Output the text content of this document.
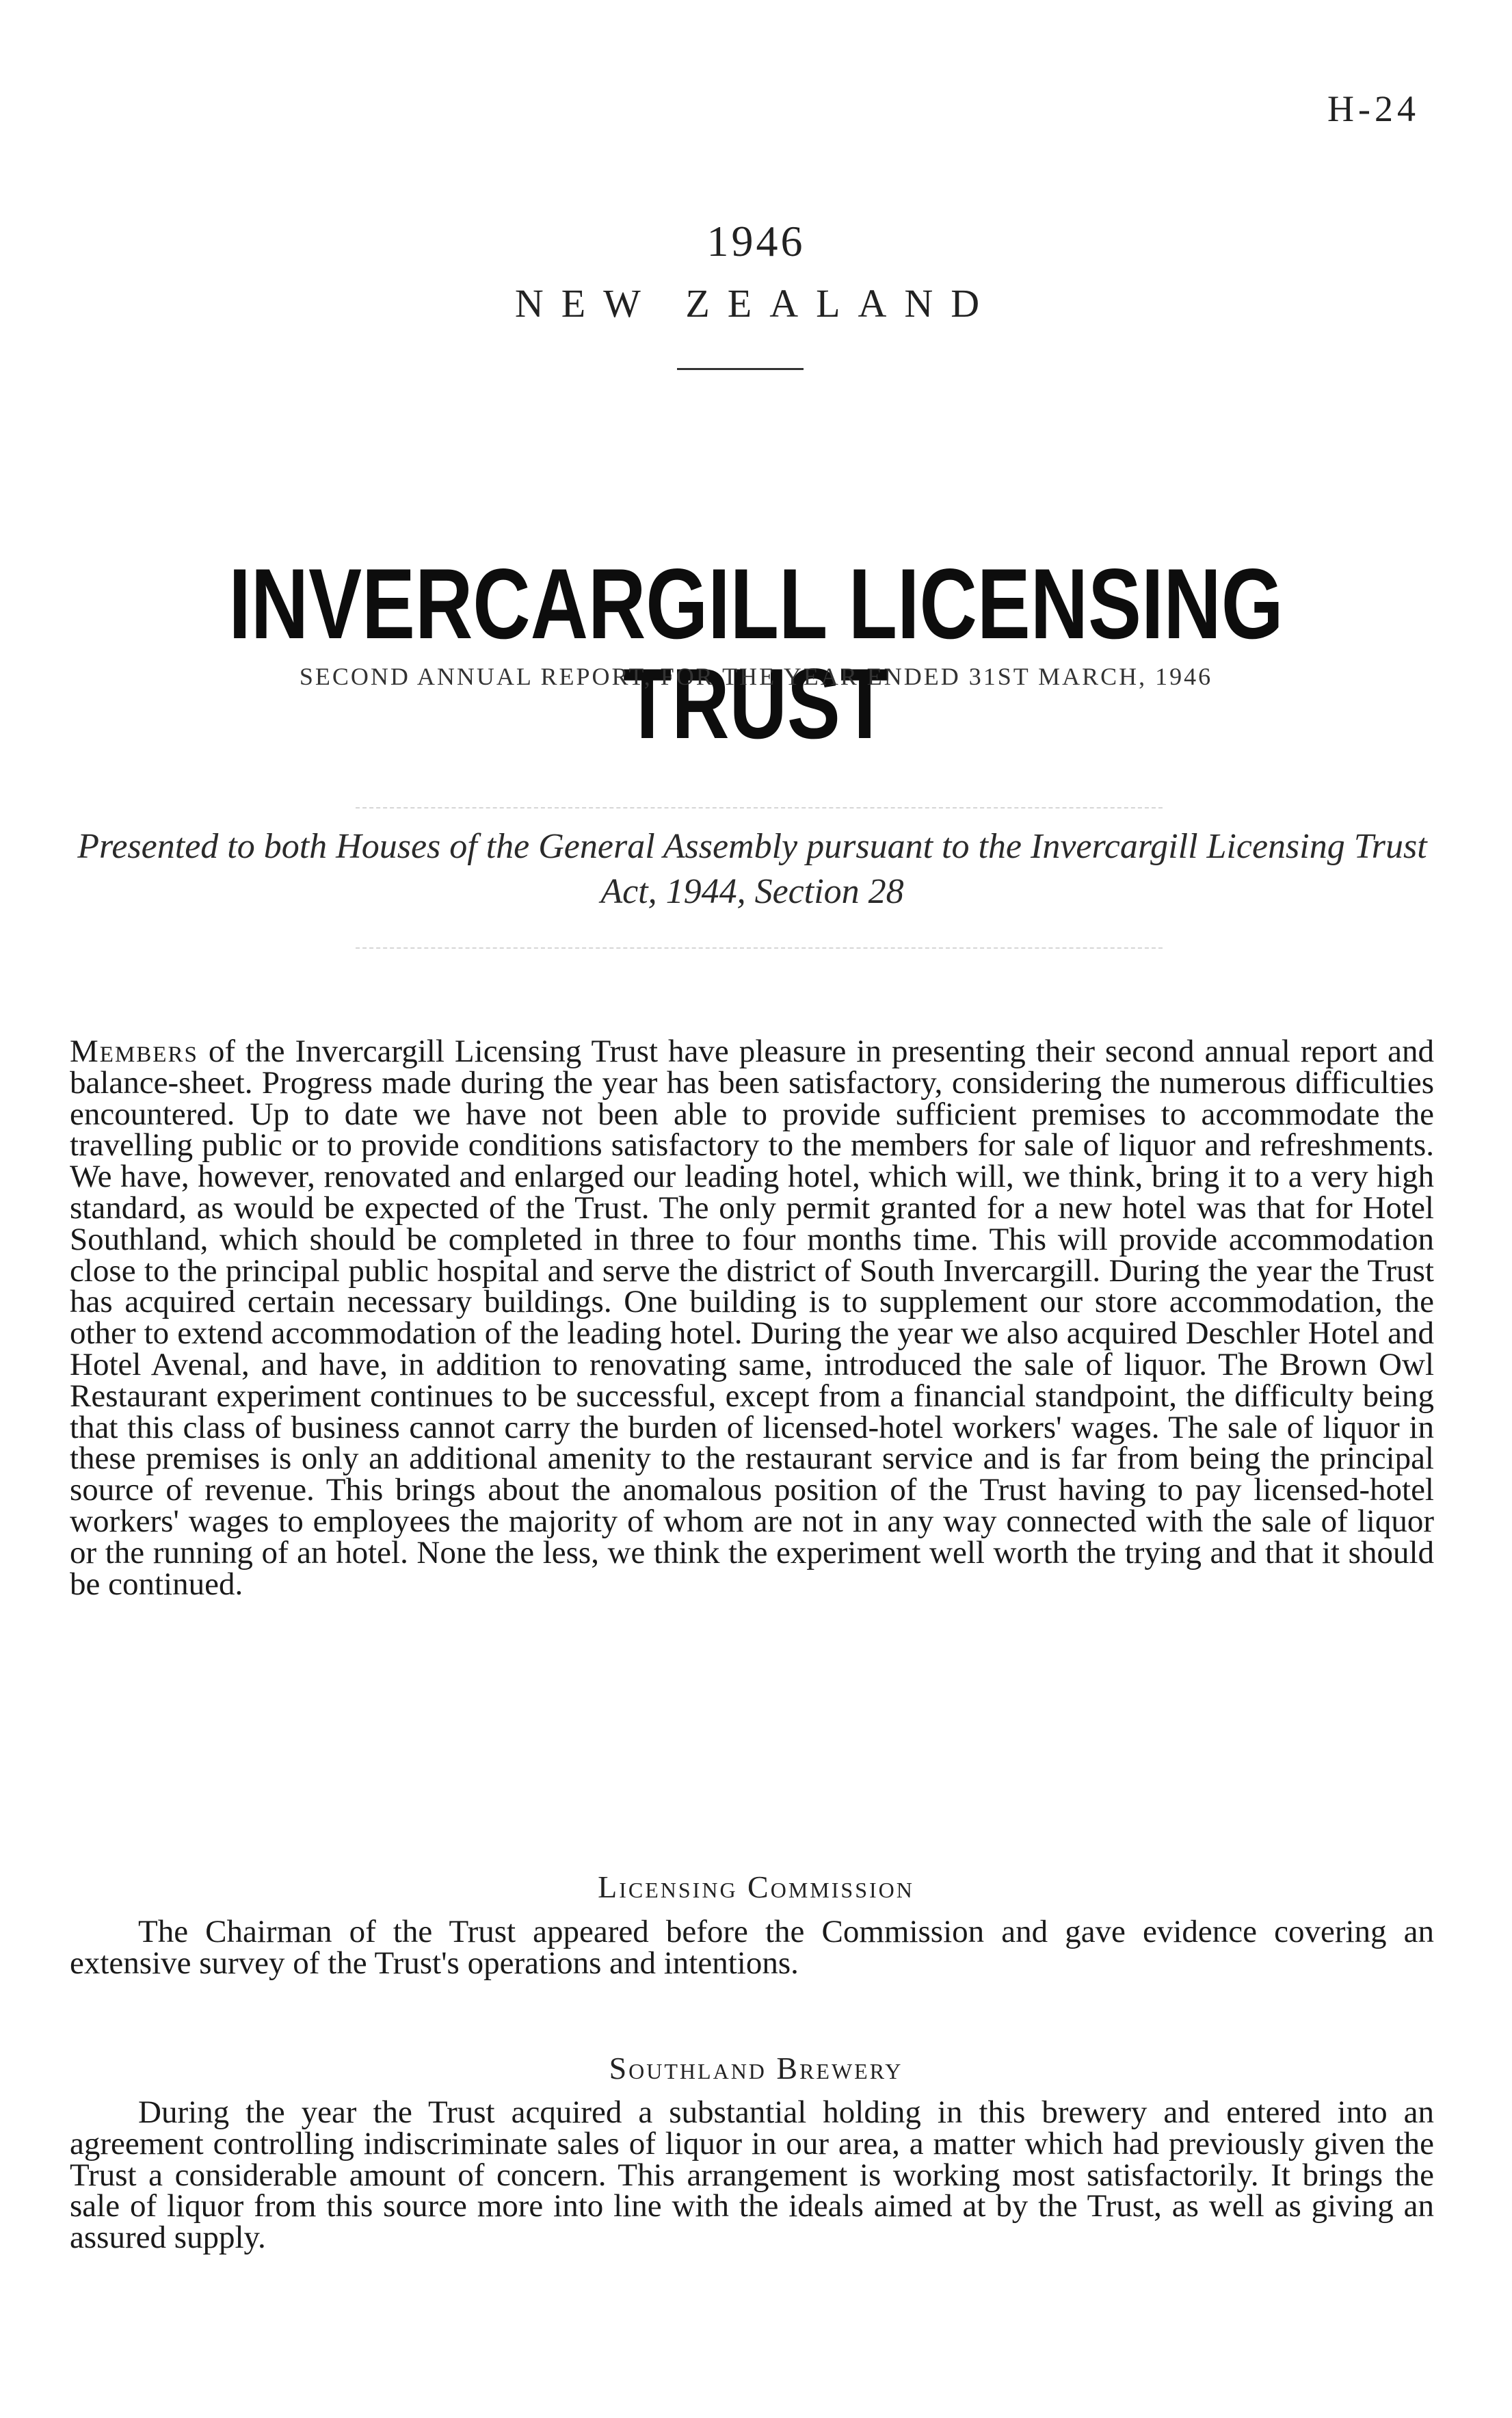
H-24
1946
NEW ZEALAND
INVERCARGILL LICENSING TRUST
SECOND ANNUAL REPORT, FOR THE YEAR ENDED 31ST MARCH, 1946
Presented to both Houses of the General Assembly pursuant to the Invercargill Licensing Trust Act, 1944, Section 28

Members of the Invercargill Licensing Trust have pleasure in presenting their second annual report and balance-sheet. Progress made during the year has been satisfactory, considering the numerous difficulties encountered. Up to date we have not been able to provide sufficient premises to accommodate the travelling public or to provide conditions satisfactory to the members for sale of liquor and refreshments. We have, however, renovated and enlarged our leading hotel, which will, we think, bring it to a very high standard, as would be expected of the Trust. The only permit granted for a new hotel was that for Hotel Southland, which should be completed in three to four months time. This will provide accommodation close to the principal public hospital and serve the district of South Invercargill. During the year the Trust has acquired certain necessary buildings. One building is to supplement our store accommodation, the other to extend accommodation of the leading hotel. During the year we also acquired Deschler Hotel and Hotel Avenal, and have, in addition to renovating same, introduced the sale of liquor. The Brown Owl Restaurant experiment continues to be successful, except from a financial standpoint, the difficulty being that this class of business cannot carry the burden of licensed-hotel workers' wages. The sale of liquor in these premises is only an additional amenity to the restaurant service and is far from being the principal source of revenue. This brings about the anomalous position of the Trust having to pay licensed-hotel workers' wages to employees the majority of whom are not in any way connected with the sale of liquor or the running of an hotel. None the less, we think the experiment well worth the trying and that it should be continued.

Licensing Commission

The Chairman of the Trust appeared before the Commission and gave evidence covering an extensive survey of the Trust's operations and intentions.

Southland Brewery

During the year the Trust acquired a substantial holding in this brewery and entered into an agreement controlling indiscriminate sales of liquor in our area, a matter which had previously given the Trust a considerable amount of concern. This arrangement is working most satisfactorily. It brings the sale of liquor from this source more into line with the ideals aimed at by the Trust, as well as giving an assured supply.
